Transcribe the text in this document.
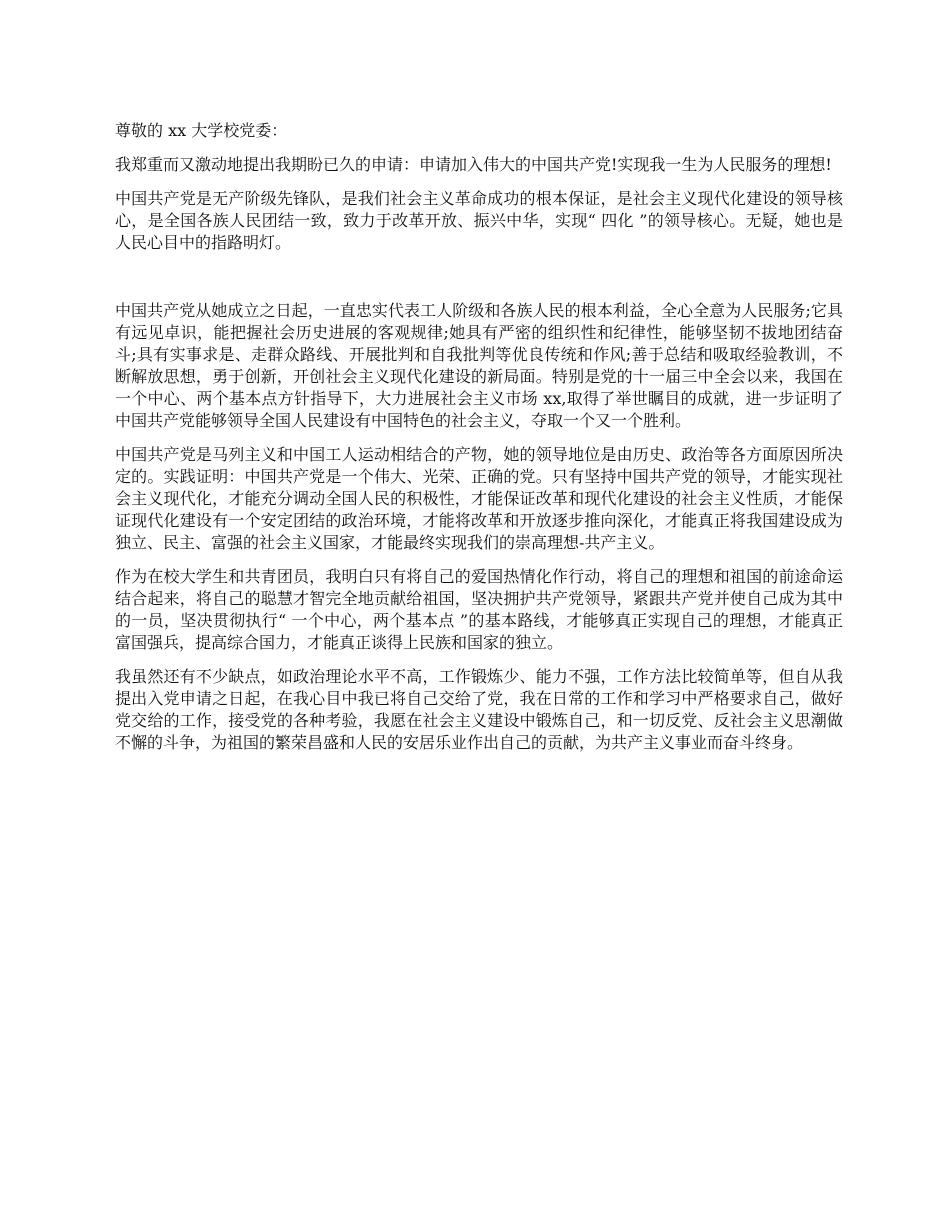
尊敬的 xx 大学校党委：

我郑重而又激动地提出我期盼已久的申请：申请加入伟大的中国共产党!实现我一生为人民服务的理想!

中国共产党是无产阶级先锋队，是我们社会主义革命成功的根本保证，是社会主义现代化建设的领导核心，是全国各族人民团结一致，致力于改革开放、振兴中华，实现“ 四化 ”的领导核心。无疑，她也是人民心目中的指路明灯。

中国共产党从她成立之日起，一直忠实代表工人阶级和各族人民的根本利益，全心全意为人民服务;它具有远见卓识，能把握社会历史进展的客观规律;她具有严密的组织性和纪律性，能够坚韧不拔地团结奋斗;具有实事求是、走群众路线、开展批判和自我批判等优良传统和作风;善于总结和吸取经验教训，不断解放思想，勇于创新，开创社会主义现代化建设的新局面。特别是党的十一届三中全会以来，我国在一个中心、两个基本点方针指导下，大力进展社会主义市场 xx,取得了举世瞩目的成就，进一步证明了中国共产党能够领导全国人民建设有中国特色的社会主义，夺取一个又一个胜利。

中国共产党是马列主义和中国工人运动相结合的产物，她的领导地位是由历史、政治等各方面原因所决定的。实践证明：中国共产党是一个伟大、光荣、正确的党。只有坚持中国共产党的领导，才能实现社会主义现代化，才能充分调动全国人民的积极性，才能保证改革和现代化建设的社会主义性质，才能保证现代化建设有一个安定团结的政治环境，才能将改革和开放逐步推向深化，才能真正将我国建设成为独立、民主、富强的社会主义国家，才能最终实现我们的崇高理想-共产主义。

作为在校大学生和共青团员，我明白只有将自己的爱国热情化作行动，将自己的理想和祖国的前途命运结合起来，将自己的聪慧才智完全地贡献给祖国，坚决拥护共产党领导，紧跟共产党并使自己成为其中的一员，坚决贯彻执行“ 一个中心，两个基本点 ”的基本路线，才能够真正实现自己的理想，才能真正富国强兵，提高综合国力，才能真正谈得上民族和国家的独立。

我虽然还有不少缺点，如政治理论水平不高，工作锻炼少、能力不强，工作方法比较简单等，但自从我提出入党申请之日起，在我心目中我已将自己交给了党，我在日常的工作和学习中严格要求自己，做好党交给的工作，接受党的各种考验，我愿在社会主义建设中锻炼自己，和一切反党、反社会主义思潮做不懈的斗争，为祖国的繁荣昌盛和人民的安居乐业作出自己的贡献，为共产主义事业而奋斗终身。
